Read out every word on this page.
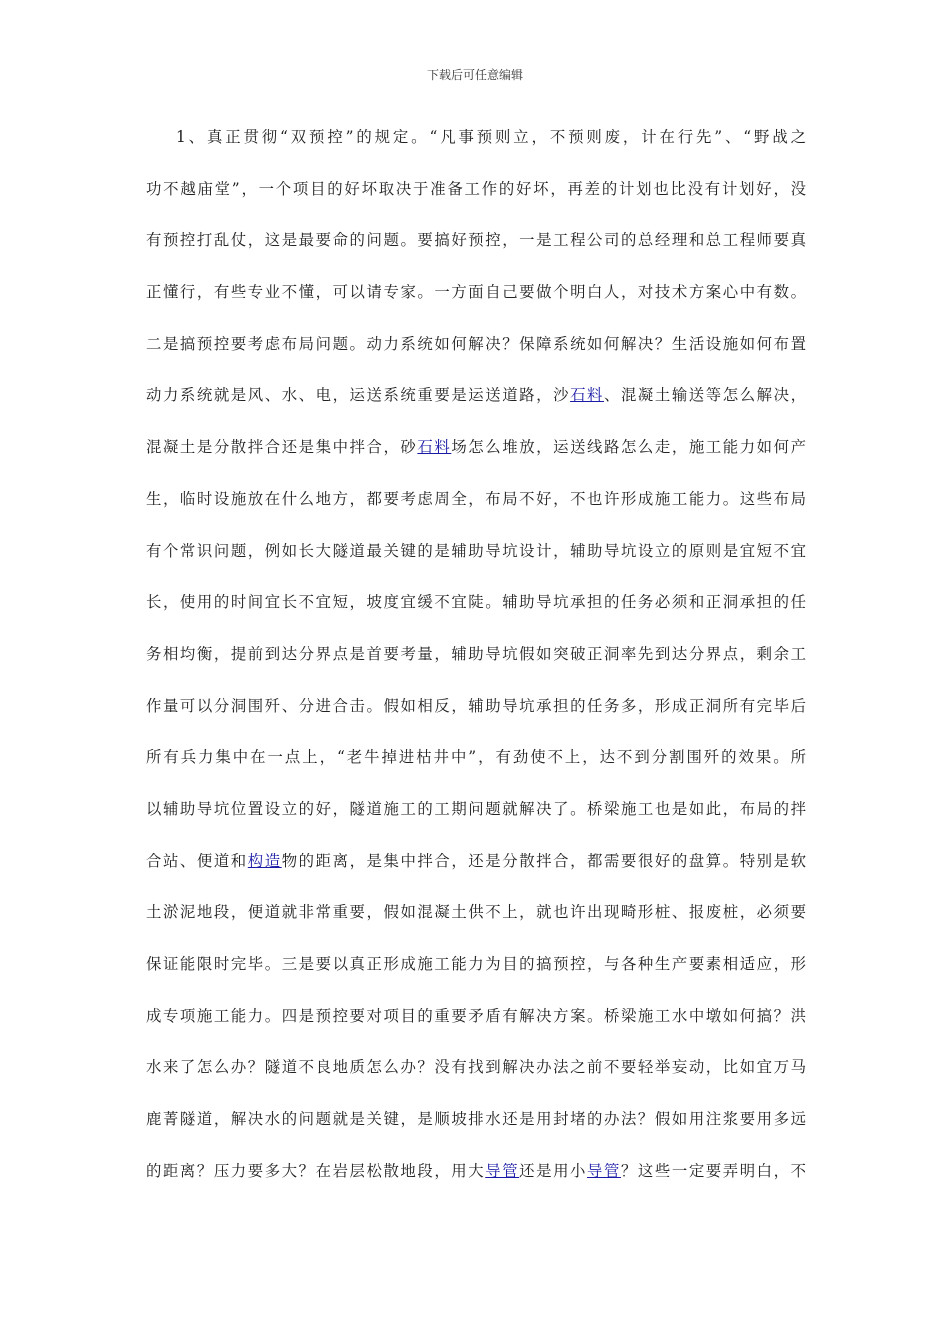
下载后可任意编辑
1、真正贯彻“双预控”的规定。“凡事预则立，不预则废，计在行先”、“野战之
功不越庙堂”，一个项目的好坏取决于准备工作的好坏，再差的计划也比没有计划好，没
有预控打乱仗，这是最要命的问题。要搞好预控，一是工程公司的总经理和总工程师要真
正懂行，有些专业不懂，可以请专家。一方面自己要做个明白人，对技术方案心中有数。
二是搞预控要考虑布局问题。动力系统如何解决？保障系统如何解决？生活设施如何布置
动力系统就是风、水、电，运送系统重要是运送道路，沙石料、混凝土输送等怎么解决，
混凝土是分散拌合还是集中拌合，砂石料场怎么堆放，运送线路怎么走，施工能力如何产
生，临时设施放在什么地方，都要考虑周全，布局不好，不也许形成施工能力。这些布局
有个常识问题，例如长大隧道最关键的是辅助导坑设计，辅助导坑设立的原则是宜短不宜
长，使用的时间宜长不宜短，坡度宜缓不宜陡。辅助导坑承担的任务必须和正洞承担的任
务相均衡，提前到达分界点是首要考量，辅助导坑假如突破正洞率先到达分界点，剩余工
作量可以分洞围歼、分进合击。假如相反，辅助导坑承担的任务多，形成正洞所有完毕后
所有兵力集中在一点上，“老牛掉进枯井中”，有劲使不上，达不到分割围歼的效果。所
以辅助导坑位置设立的好，隧道施工的工期问题就解决了。桥梁施工也是如此，布局的拌
合站、便道和构造物的距离，是集中拌合，还是分散拌合，都需要很好的盘算。特别是软
土淤泥地段，便道就非常重要，假如混凝土供不上，就也许出现畸形桩、报废桩，必须要
保证能限时完毕。三是要以真正形成施工能力为目的搞预控，与各种生产要素相适应，形
成专项施工能力。四是预控要对项目的重要矛盾有解决方案。桥梁施工水中墩如何搞？洪
水来了怎么办？隧道不良地质怎么办？没有找到解决办法之前不要轻举妄动，比如宜万马
鹿菁隧道，解决水的问题就是关键，是顺坡排水还是用封堵的办法？假如用注浆要用多远
的距离？压力要多大？在岩层松散地段，用大导管还是用小导管？这些一定要弄明白，不
